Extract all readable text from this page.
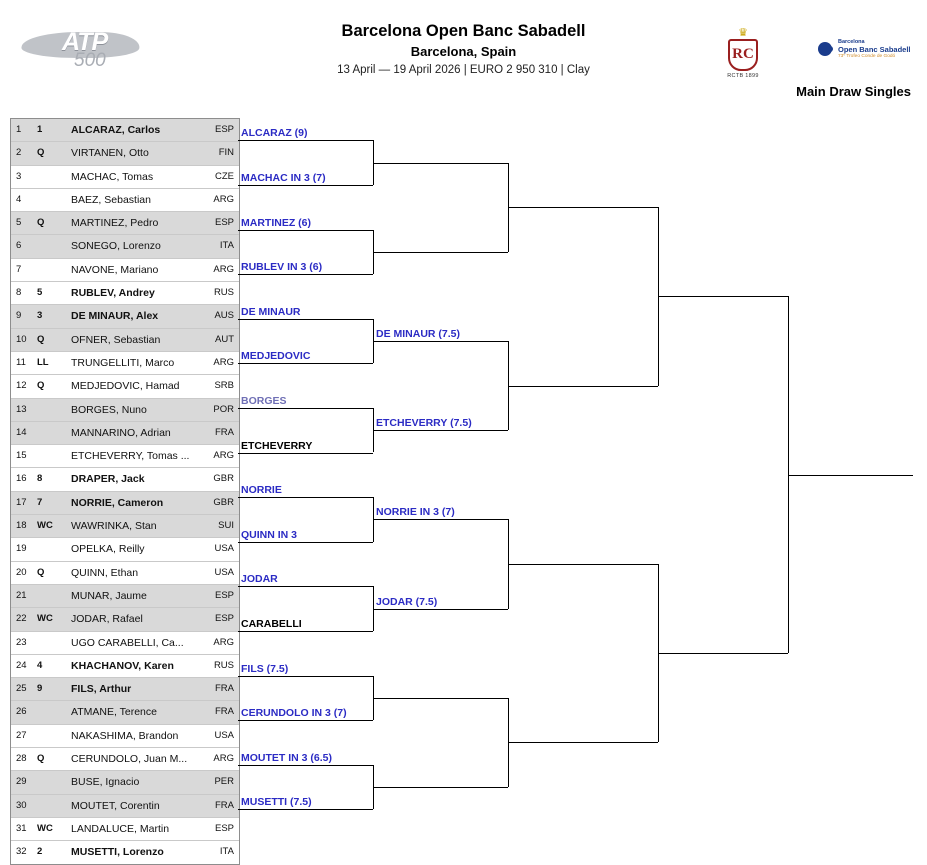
ATP
500
Barcelona Open Banc Sabadell
Barcelona, Spain
13 April — 19 April 2026 | EURO 2 950 310 | Clay
♛
RC
RCTB 1899
Barcelona
Open Banc Sabadell
73º Trofeo Conde de Godó
Main Draw Singles
1	1	ALCARAZ, Carlos	ESP
2	Q	VIRTANEN, Otto	FIN
3	MACHAC, Tomas	CZE
4	BAEZ, Sebastian	ARG
5	Q	MARTINEZ, Pedro	ESP
6	SONEGO, Lorenzo	ITA
7	NAVONE, Mariano	ARG
8	5	RUBLEV, Andrey	RUS
9	3	DE MINAUR, Alex	AUS
10	Q	OFNER, Sebastian	AUT
11	LL	TRUNGELLITI, Marco	ARG
12	Q	MEDJEDOVIC, Hamad	SRB
13	BORGES, Nuno	POR
14	MANNARINO, Adrian	FRA
15	ETCHEVERRY, Tomas ...	ARG
16	8	DRAPER, Jack	GBR
17	7	NORRIE, Cameron	GBR
18	WC	WAWRINKA, Stan	SUI
19	OPELKA, Reilly	USA
20	Q	QUINN, Ethan	USA
21	MUNAR, Jaume	ESP
22	WC	JODAR, Rafael	ESP
23	UGO CARABELLI, Ca...	ARG
24	4	KHACHANOV, Karen	RUS
25	9	FILS, Arthur	FRA
26	ATMANE, Terence	FRA
27	NAKASHIMA, Brandon	USA
28	Q	CERUNDOLO, Juan M...	ARG
29	BUSE, Ignacio	PER
30	MOUTET, Corentin	FRA
31	WC	LANDALUCE, Martin	ESP
32	2	MUSETTI, Lorenzo	ITA
ALCARAZ (9)
MACHAC IN 3 (7)
MARTINEZ (6)
RUBLEV IN 3 (6)
DE MINAUR
MEDJEDOVIC
BORGES
ETCHEVERRY
NORRIE
QUINN IN 3
JODAR
CARABELLI
FILS (7.5)
CERUNDOLO IN 3 (7)
MOUTET IN 3 (6.5)
MUSETTI (7.5)
DE MINAUR (7.5)
ETCHEVERRY (7.5)
NORRIE IN 3 (7)
JODAR (7.5)
